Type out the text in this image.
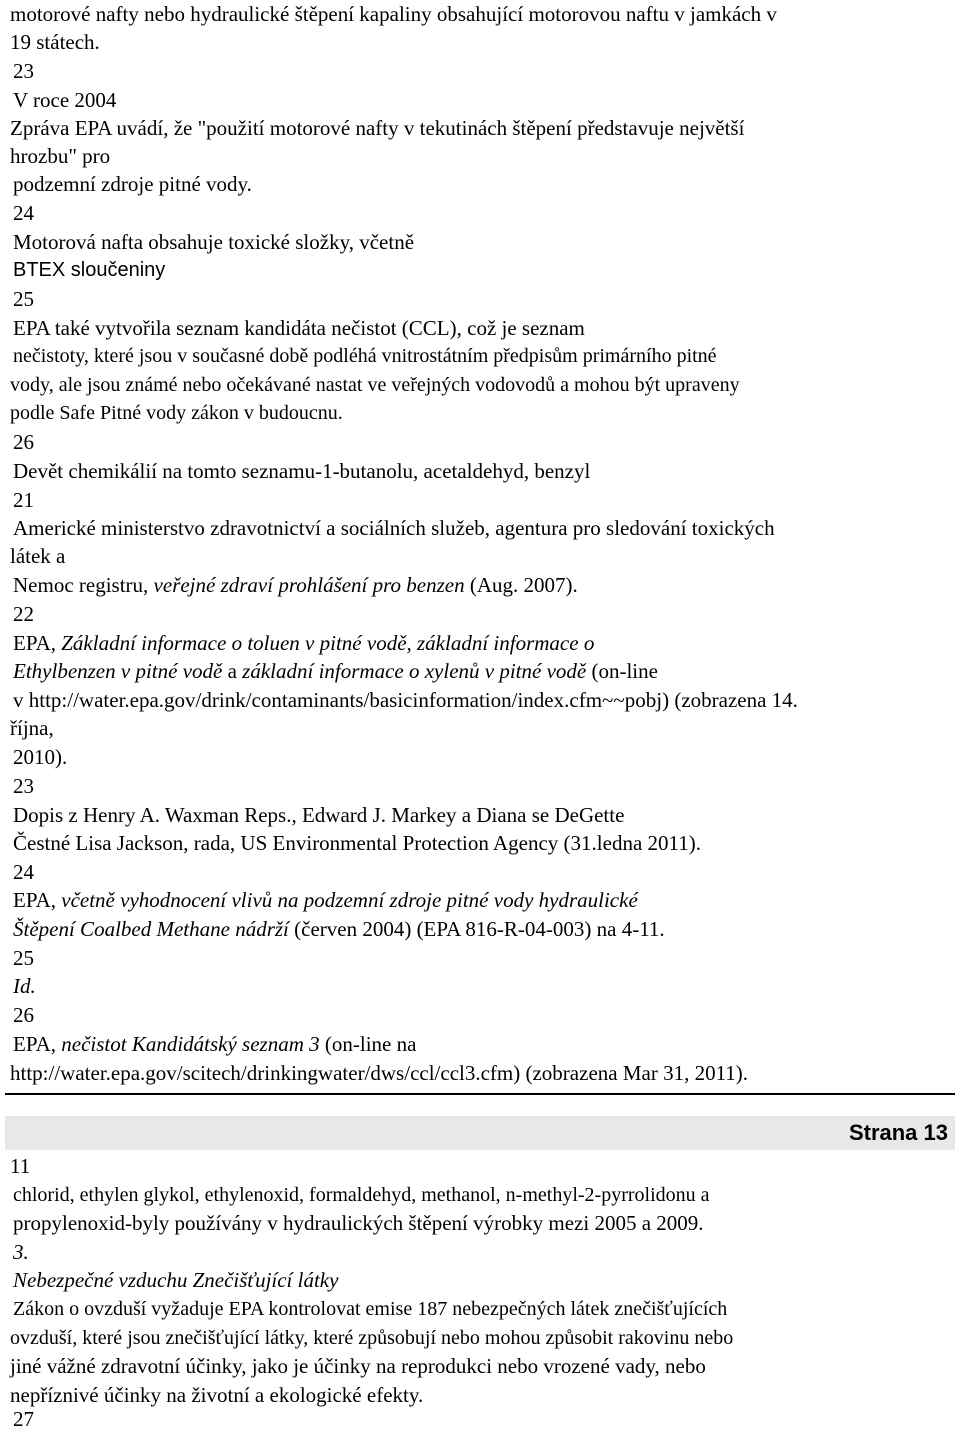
motorové nafty nebo hydraulické štěpení kapaliny obsahující motorovou naftu v jamkách v
19 státech.
23
V roce 2004
Zpráva EPA uvádí, že "použití motorové nafty v tekutinách štěpení představuje největší
hrozbu" pro
podzemní zdroje pitné vody.
24
Motorová nafta obsahuje toxické složky, včetně
BTEX sloučeniny
25
EPA také vytvořila seznam kandidáta nečistot (CCL), což je seznam
nečistoty, které jsou v současné době podléhá vnitrostátním předpisům primárního pitné
vody, ale jsou známé nebo očekávané nastat ve veřejných vodovodů a mohou být upraveny
podle Safe Pitné vody zákon v budoucnu.
26
Devět chemikálií na tomto seznamu-1-butanolu, acetaldehyd, benzyl
21
Americké ministerstvo zdravotnictví a sociálních služeb, agentura pro sledování toxických
látek a
Nemoc registru, veřejné zdraví prohlášení pro benzen (Aug. 2007).
22
EPA, Základní informace o toluen v pitné vodě, základní informace o
Ethylbenzen v pitné vodě a základní informace o xylenů v pitné vodě (on-line
v http://water.epa.gov/drink/contaminants/basicinformation/index.cfm~~pobj) (zobrazena 14.
října,
2010).
23
Dopis z Henry A. Waxman Reps., Edward J. Markey a Diana se DeGette
Čestné Lisa Jackson, rada, US Environmental Protection Agency (31.ledna 2011).
24
EPA, včetně vyhodnocení vlivů na podzemní zdroje pitné vody hydraulické
Štěpení Coalbed Methane nádrží (červen 2004) (EPA 816-R-04-003) na 4-11.
25
Id.
26
EPA, nečistot Kandidátský seznam 3 (on-line na
http://water.epa.gov/scitech/drinkingwater/dws/ccl/ccl3.cfm) (zobrazena Mar 31, 2011).
Strana 13
11
chlorid, ethylen glykol, ethylenoxid, formaldehyd, methanol, n-methyl-2-pyrrolidonu a
propylenoxid-byly používány v hydraulických štěpení výrobky mezi 2005 a 2009.
3.
Nebezpečné vzduchu Znečišťující látky
Zákon o ovzduší vyžaduje EPA kontrolovat emise 187 nebezpečných látek znečišťujících
ovzduší, které jsou znečišťující látky, které způsobují nebo mohou způsobit rakovinu nebo
jiné vážné zdravotní účinky, jako je účinky na reprodukci nebo vrozené vady, nebo
nepříznivé účinky na životní a ekologické efekty.
27
